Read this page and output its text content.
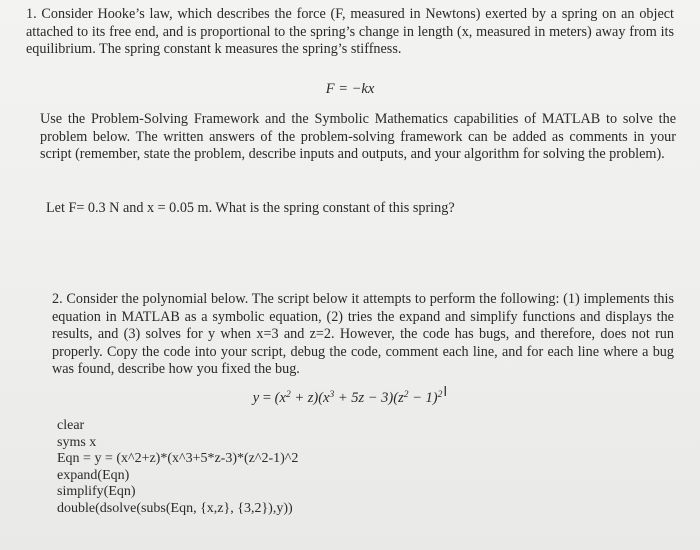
1. Consider Hooke’s law, which describes the force (F, measured in Newtons) exerted by a spring on an object attached to its free end, and is proportional to the spring’s change in length (x, measured in meters) away from its equilibrium. The spring constant k measures the spring’s stiffness.
F = −kx
Use the Problem-Solving Framework and the Symbolic Mathematics capabilities of MATLAB to solve the problem below. The written answers of the problem-solving framework can be added as comments in your script (remember, state the problem, describe inputs and outputs, and your algorithm for solving the problem).
Let F= 0.3 N and x = 0.05 m. What is the spring constant of this spring?
2. Consider the polynomial below. The script below it attempts to perform the following: (1) implements this equation in MATLAB as a symbolic equation, (2) tries the expand and simplify functions and displays the results, and (3) solves for y when x=3 and z=2. However, the code has bugs, and therefore, does not run properly. Copy the code into your script, debug the code, comment each line, and for each line where a bug was found, describe how you fixed the bug.
$y = (x^2 + z)(x^3 + 5z - 3)(z^2 - 1)^2I$
clear
syms x
Eqn = y = (x^2+z)*(x^3+5*z-3)*(z^2-1)^2
expand(Eqn)
simplify(Eqn)
double(dsolve(subs(Eqn, {x,z}, {3,2}),y))
